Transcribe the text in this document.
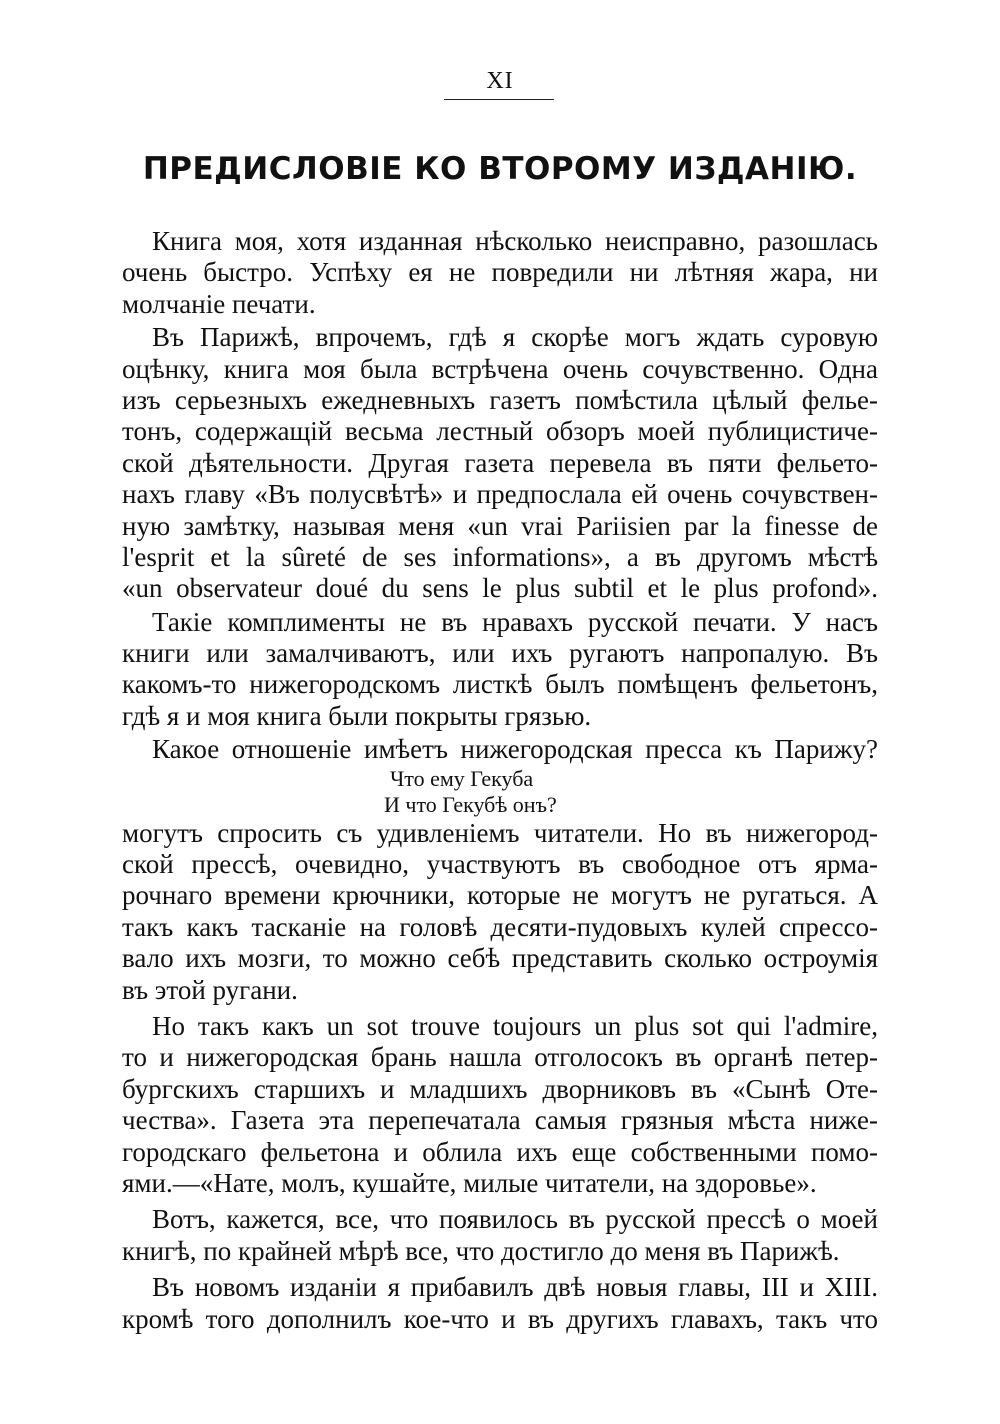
XI
ПРЕДИСЛОВІЕ КО ВТОРОМУ ИЗДАНІЮ.
Книга моя, хотя изданная нѣсколько неисправно, разошлась
очень быстро. Успѣху ея не повредили ни лѣтняя жара, ни
молчаніе печати.
Въ Парижѣ, впрочемъ, гдѣ я скорѣе могъ ждать суровую
оцѣнку, книга моя была встрѣчена очень сочувственно. Одна
изъ серьезныхъ ежедневныхъ газетъ помѣстила цѣлый фелье-
тонъ, содержащій весьма лестный обзоръ моей публицистиче-
ской дѣятельности. Другая газета перевела въ пяти фельето-
нахъ главу «Въ полусвѣтѣ» и предпослала ей очень сочувствен-
ную замѣтку, называя меня «un vrai Pariisien par la finesse de
l'esprit et la sûreté de ses informations», а въ другомъ мѣстѣ
«un observateur doué du sens le plus subtil et le plus profond».
Такіе комплименты не въ нравахъ русской печати. У насъ
книги или замалчиваютъ, или ихъ ругаютъ напропалую. Въ
какомъ-то нижегородскомъ листкѣ былъ помѣщенъ фельетонъ,
гдѣ я и моя книга были покрыты грязью.
Какое отношеніе имѣетъ нижегородская пресса къ Парижу?
Что ему Гекуба
И что Гекубѣ онъ?
могутъ спросить съ удивленіемъ читатели. Но въ нижегород-
ской прессѣ, очевидно, участвуютъ въ свободное отъ ярма-
рочнаго времени крючники, которые не могутъ не ругаться. А
такъ какъ тасканіе на головѣ десяти-пудовыхъ кулей спрессо-
вало ихъ мозги, то можно себѣ представить сколько остроумія
въ этой ругани.
Но такъ какъ un sot trouve toujours un plus sot qui l'admire,
то и нижегородская брань нашла отголосокъ въ органѣ петер-
бургскихъ старшихъ и младшихъ дворниковъ въ «Сынѣ Оте-
чества». Газета эта перепечатала самыя грязныя мѣста нижe-
городскаго фельетона и облила ихъ еще собственными помо-
ями.—«Нате, молъ, кушайте, милые читатели, на здоровье».
Вотъ, кажется, все, что появилось въ русской прессѣ о моей
книгѣ, по крайней мѣрѣ все, что достигло до меня въ Парижѣ.
Въ новомъ изданіи я прибавилъ двѣ новыя главы, III и XIII.
кромѣ того дополнилъ кое-что и въ другихъ главахъ, такъ что
